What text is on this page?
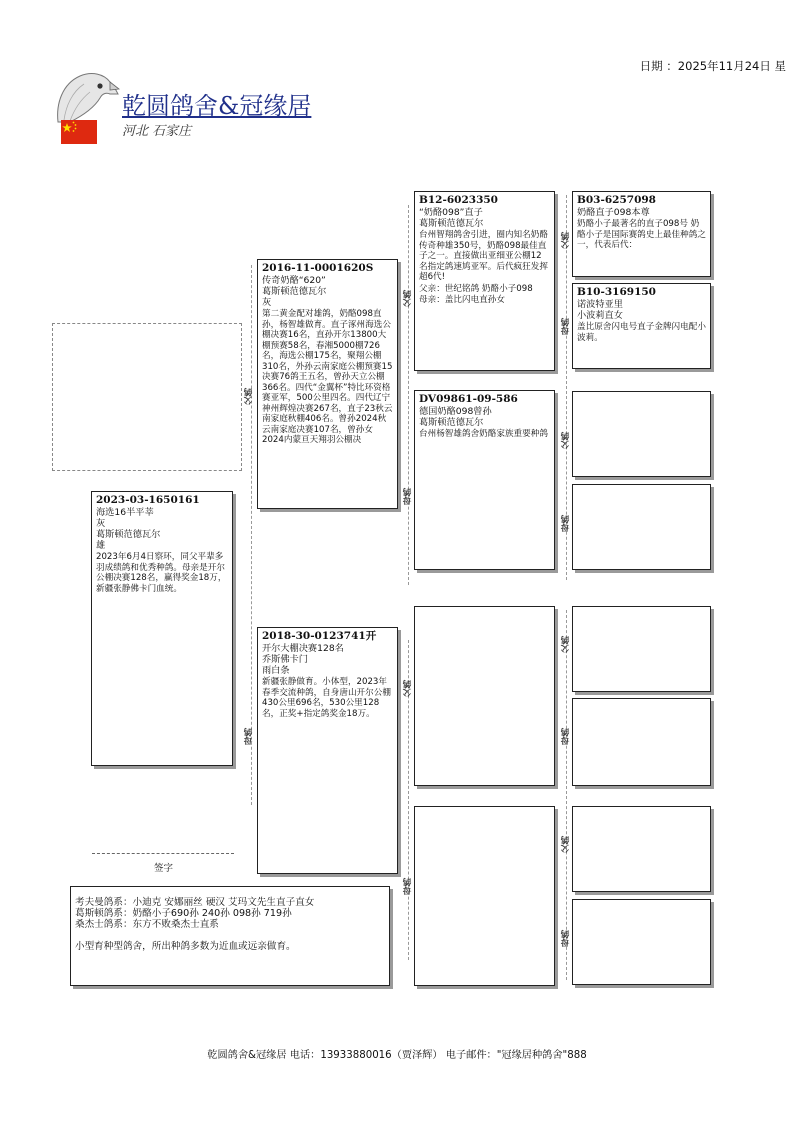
日期 ：2025年11月24日 星
乾圆鸽舍&冠缘居
河北 石家庄
父鸽
母鸽
父鸽
母鸽
父鸽
母鸽
父鸽
母鸽
父鸽
母鸽
父鸽
母鸽
父鸽
母鸽
2023-03-1650161
海选16半平莘
灰
葛斯顿范德瓦尔
雄
2023年6月4日察环，同父平辈多羽成绩鸽和优秀种鸽。母亲是开尔公棚决赛128名，赢得奖金18万，新疆张静佛卡门血统。
2016-11-0001620S
传奇奶酪“620”
葛斯顿范德瓦尔
灰
第二黄金配对雄鸽，奶酪098直孙，杨智雄做育。直子涿州海选公棚决赛16名，直孙开尔13800大棚预赛58名，春湘5000棚726名，海选公棚175名，聚翔公棚310名，外孙云南家庭公棚预赛15决赛76鸽王五名，曾孙天立公棚366名。四代“金翼杯”特比环资格赛亚军，500公里四名。四代辽宁神州辉煌决赛267名，直子23秋云南家庭秋棚406名。曾孙2024秋云南家庭决赛107名，曾孙女2024内蒙亘天翔羽公棚决
2018-30-0123741开
开尔大棚决赛128名
乔斯佛卡门
雨白条
新疆张静做育。小体型，2023年春季交流种鸽，自身唐山开尔公棚430公里696名，530公里128名，正奖+指定鸽奖金18万。
B12-6023350
“奶酪098”直子
葛斯顿范德瓦尔
台州智翔鸽舍引进，圈内知名奶酪传奇种雄350号，奶酪098最佳直子之一。直接做出亚细亚公棚12名指定鸽速鸠亚军。后代疯狂发挥超6代!
父亲：世纪铭鸽 奶酪小子098
母亲：盖比闪电直孙女
DV09861-09-586
德国奶酪098曾孙
葛斯顿范德瓦尔
台州杨智雄鸽舍奶酪家族重要种鸽
B03-6257098
奶酪直子098本尊
奶酪小子最著名的直子098号 奶酪小子是国际赛鸽史上最佳种鸽之一，代表后代：
B10-3169150
诺波特亚里
小波莉直女
盖比原舍闪电号直子金牌闪电配小波莉。
签字
考夫曼鸽系：小迪克 安娜丽丝 硬汉 艾玛文先生直子直女
葛斯顿鸽系：奶酪小子690孙 240孙 098孙 719孙
桑杰士鸽系：东方不败桑杰士直系
小型育种型鸽舍，所出种鸽多数为近血或远亲做育。
乾圆鸽舍&冠缘居 电话：13933880016（贾泽辉） 电子邮件："冠缘居种鸽舍"888
